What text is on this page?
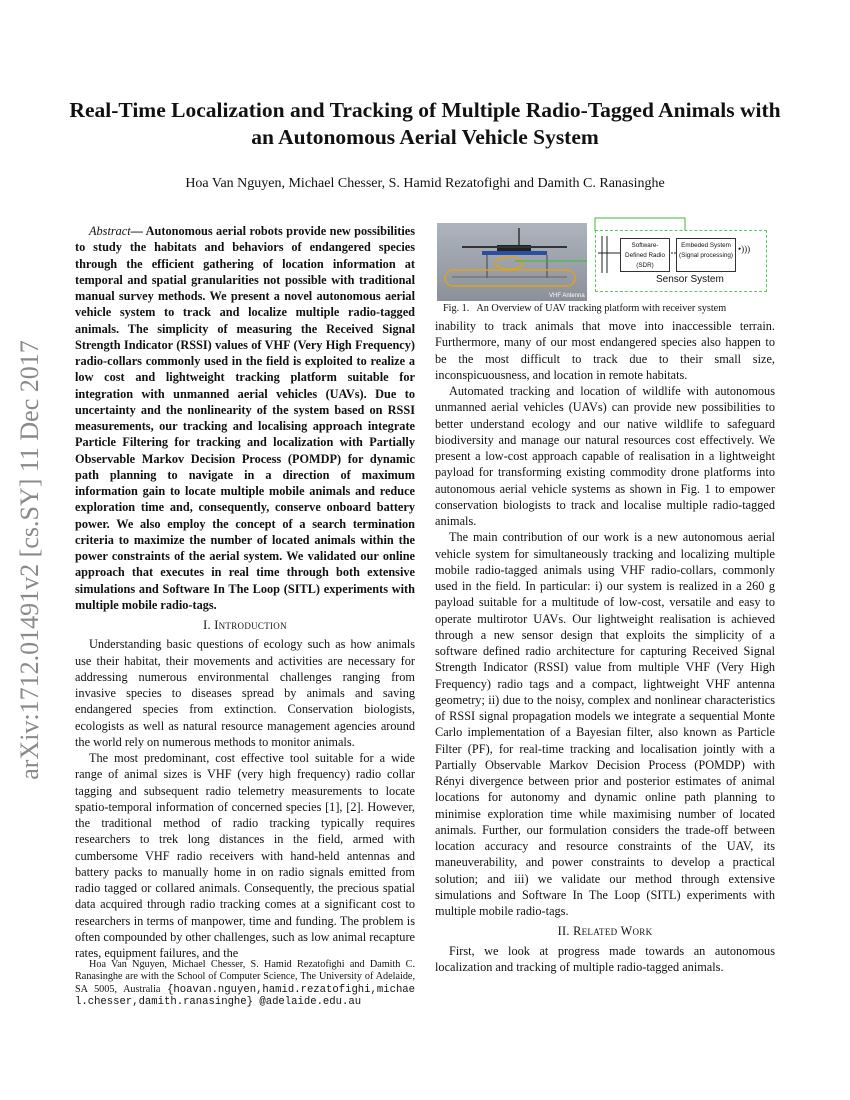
arXiv:1712.01491v2 [cs.SY] 11 Dec 2017
Real-Time Localization and Tracking of Multiple Radio-Tagged Animals with an Autonomous Aerial Vehicle System
Hoa Van Nguyen, Michael Chesser, S. Hamid Rezatofighi and Damith C. Ranasinghe

Abstract— Autonomous aerial robots provide new possibilities to study the habitats and behaviors of endangered species through the efficient gathering of location information at temporal and spatial granularities not possible with traditional manual survey methods. We present a novel autonomous aerial vehicle system to track and localize multiple radio-tagged animals. The simplicity of measuring the Received Signal Strength Indicator (RSSI) values of VHF (Very High Frequency) radio-collars commonly used in the field is exploited to realize a low cost and lightweight tracking platform suitable for integration with unmanned aerial vehicles (UAVs). Due to uncertainty and the nonlinearity of the system based on RSSI measurements, our tracking and localising approach integrate Particle Filtering for tracking and localization with Partially Observable Markov Decision Process (POMDP) for dynamic path planning to navigate in a direction of maximum information gain to locate multiple mobile animals and reduce exploration time and, consequently, conserve onboard battery power. We also employ the concept of a search termination criteria to maximize the number of located animals within the power constraints of the aerial system. We validated our online approach that executes in real time through both extensive simulations and Software In The Loop (SITL) experiments with multiple mobile radio-tags.

I. Introduction

Understanding basic questions of ecology such as how animals use their habitat, their movements and activities are necessary for addressing numerous environmental challenges ranging from invasive species to diseases spread by animals and saving endangered species from extinction. Conservation biologists, ecologists as well as natural resource management agencies around the world rely on numerous methods to monitor animals.

The most predominant, cost effective tool suitable for a wide range of animal sizes is VHF (very high frequency) radio collar tagging and subsequent radio telemetry measurements to locate spatio-temporal information of concerned species [1], [2]. However, the traditional method of radio tracking typically requires researchers to trek long distances in the field, armed with cumbersome VHF radio receivers with hand-held antennas and battery packs to manually home in on radio signals emitted from radio tagged or collared animals. Consequently, the precious spatial data acquired through radio tracking comes at a significant cost to researchers in terms of manpower, time and funding. The problem is often compounded by other challenges, such as low animal recapture rates, equipment failures, and the

Hoa Van Nguyen, Michael Chesser, S. Hamid Rezatofighi and Damith C. Ranasinghe are with the School of Computer Science, The University of Adelaide, SA 5005, Australia {hoavan.nguyen,hamid.rezatofighi,michael.chesser,damith.ranasinghe} @adelaide.edu.au
VHF Antenna
Software-Defined Radio (SDR)
Embeded System (Signal processing)
•)))
Sensor System
Fig. 1.   An Overview of UAV tracking platform with receiver system

inability to track animals that move into inaccessible terrain. Furthermore, many of our most endangered species also happen to be the most difficult to track due to their small size, inconspicuousness, and location in remote habitats.

Automated tracking and location of wildlife with autonomous unmanned aerial vehicles (UAVs) can provide new possibilities to better understand ecology and our native wildlife to safeguard biodiversity and manage our natural resources cost effectively. We present a low-cost approach capable of realisation in a lightweight payload for transforming existing commodity drone platforms into autonomous aerial vehicle systems as shown in Fig. 1 to empower conservation biologists to track and localise multiple radio-tagged animals.

The main contribution of our work is a new autonomous aerial vehicle system for simultaneously tracking and localizing multiple mobile radio-tagged animals using VHF radio-collars, commonly used in the field. In particular: i) our system is realized in a 260 g payload suitable for a multitude of low-cost, versatile and easy to operate multirotor UAVs. Our lightweight realisation is achieved through a new sensor design that exploits the simplicity of a software defined radio architecture for capturing Received Signal Strength Indicator (RSSI) value from multiple VHF (Very High Frequency) radio tags and a compact, lightweight VHF antenna geometry; ii) due to the noisy, complex and nonlinear characteristics of RSSI signal propagation models we integrate a sequential Monte Carlo implementation of a Bayesian filter, also known as Particle Filter (PF), for real-time tracking and localisation jointly with a Partially Observable Markov Decision Process (POMDP) with Rényi divergence between prior and posterior estimates of animal locations for autonomy and dynamic online path planning to minimise exploration time while maximising number of located animals. Further, our formulation considers the trade-off between location accuracy and resource constraints of the UAV, its maneuverability, and power constraints to develop a practical solution; and iii) we validate our method through extensive simulations and Software In The Loop (SITL) experiments with multiple mobile radio-tags.

II. Related Work

First, we look at progress made towards an autonomous localization and tracking of multiple radio-tagged animals.
